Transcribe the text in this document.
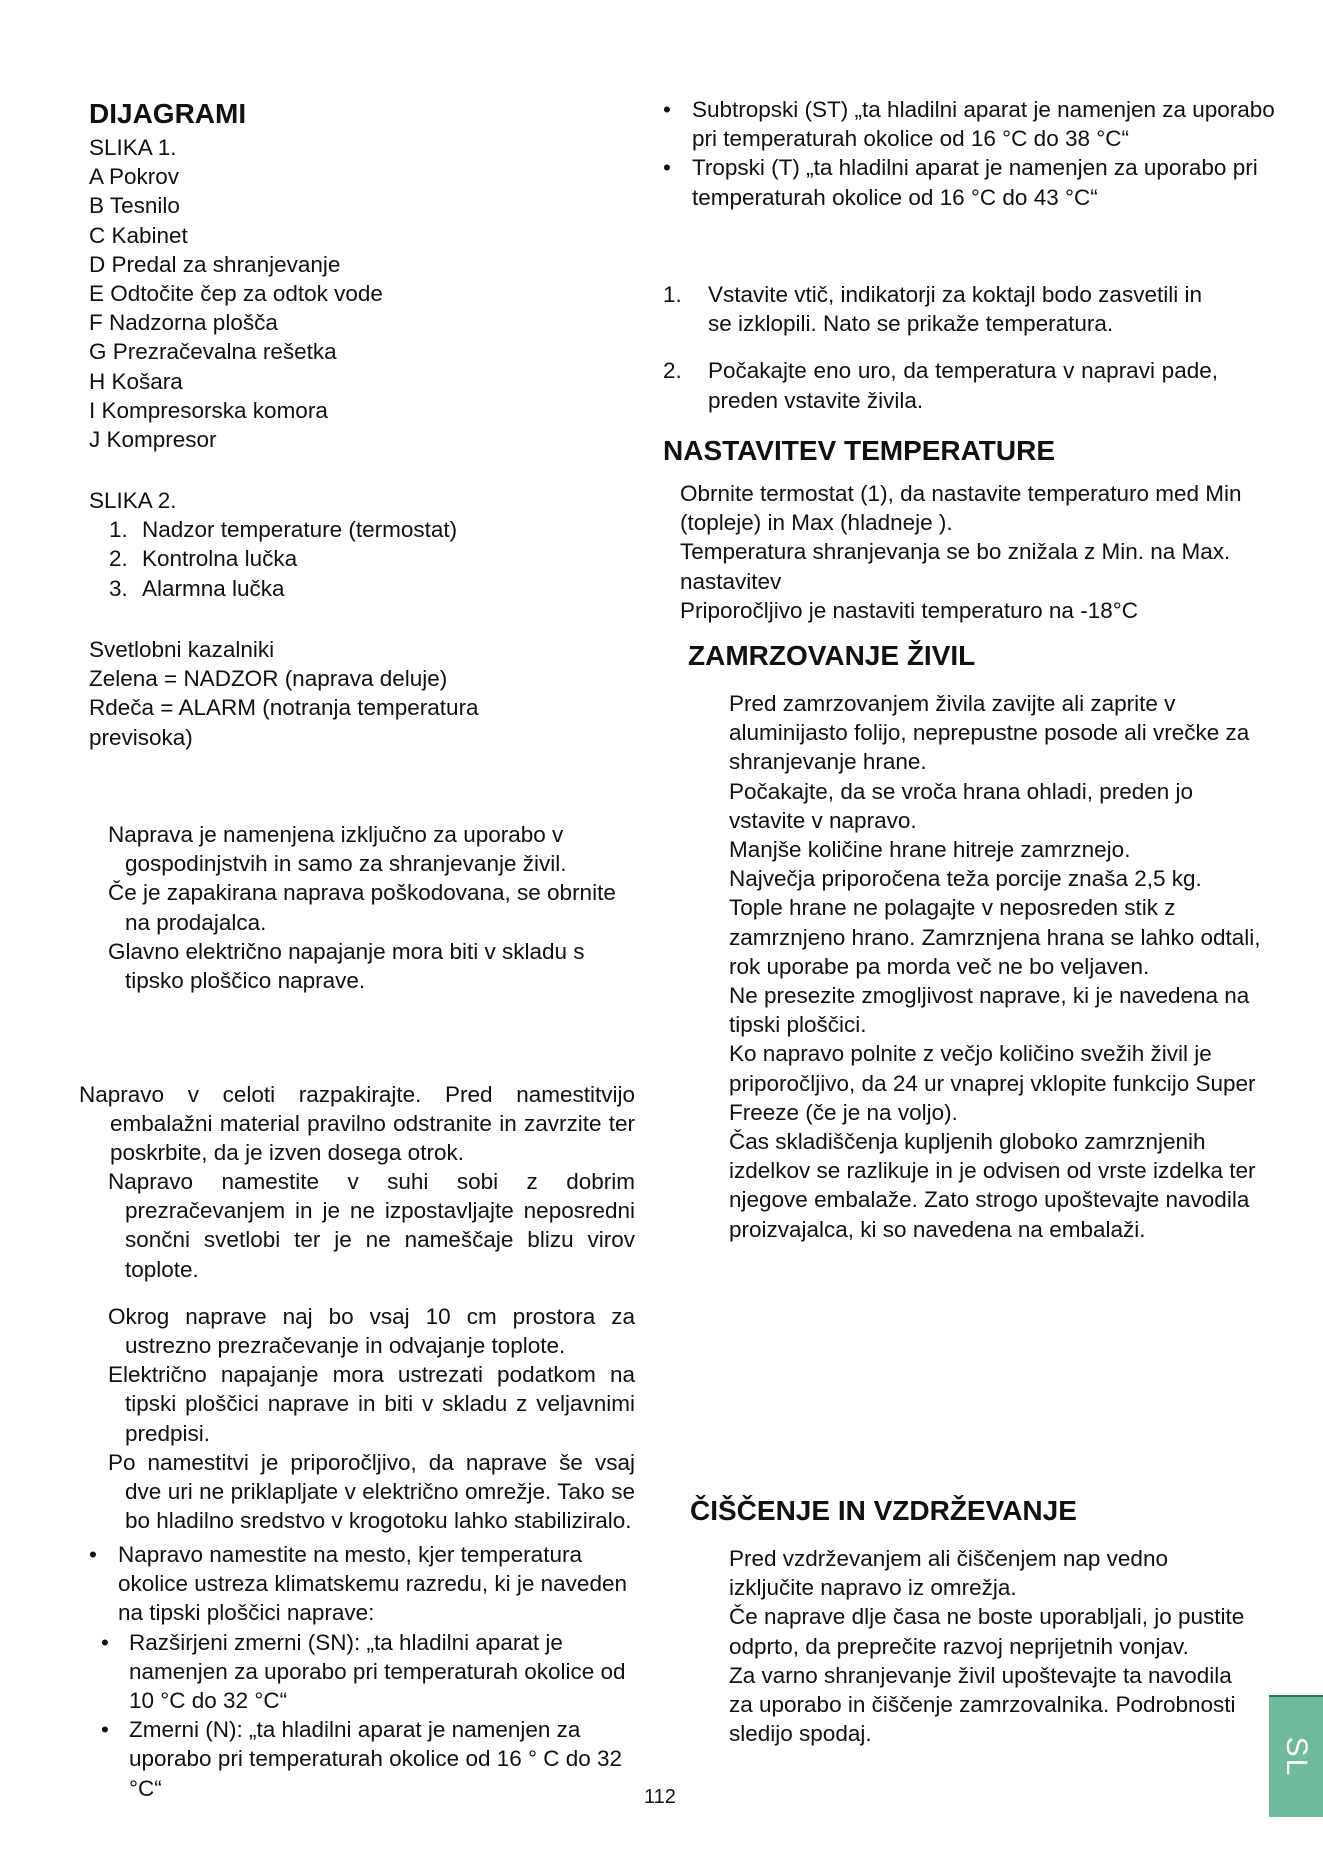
DIJAGRAMI

SLIKA 1.

A Pokrov

B Tesnilo

C Kabinet

D Predal za shranjevanje

E Odtočite čep za odtok vode

F Nadzorna plošča

G Prezračevalna rešetka

H Košara

I Kompresorska komora

J Kompresor

SLIKA 2.

1. Nadzor temperature (termostat)

2. Kontrolna lučka

3. Alarmna lučka

Svetlobni kazalniki

Zelena = NADZOR (naprava deluje)

Rdeča = ALARM (notranja temperatura previsoka)

Naprava je namenjena izključno za uporabo v gospodinjstvih in samo za shranjevanje živil.

Če je zapakirana naprava poškodovana, se obrnite na prodajalca.

Glavno električno napajanje mora biti v skladu s tipsko ploščico naprave.

Napravo v celoti razpakirajte. Pred namestitvijo embalažni material pravilno odstranite in zavrzite ter poskrbite, da je izven dosega otrok.

Napravo namestite v suhi sobi z dobrim prezračevanjem in je ne izpostavljajte neposredni sončni svetlobi ter je ne nameščaje blizu virov toplote.

Okrog naprave naj bo vsaj 10 cm prostora za ustrezno prezračevanje in odvajanje toplote.

Električno napajanje mora ustrezati podatkom na tipski ploščici naprave in biti v skladu z veljavnimi predpisi.

Po namestitvi je priporočljivo, da naprave še vsaj dve uri ne priklapljate v električno omrežje. Tako se bo hladilno sredstvo v krogotoku lahko stabiliziralo.

• Napravo namestite na mesto, kjer temperatura okolice ustreza klimatskemu razredu, ki je naveden na tipski ploščici naprave:

• Razširjeni zmerni (SN): „ta hladilni aparat je namenjen za uporabo pri temperaturah okolice od 10 °C do 32 °C“

• Zmerni (N): „ta hladilni aparat je namenjen za uporabo pri temperaturah okolice od 16 ° C do 32 °C“

• Subtropski (ST) „ta hladilni aparat je namenjen za uporabo pri temperaturah okolice od 16 °C do 38 °C“

• Tropski (T) „ta hladilni aparat je namenjen za uporabo pri temperaturah okolice od 16 °C do 43 °C“

1. Vstavite vtič, indikatorji za koktajl bodo zasvetili in se izklopili. Nato se prikaže temperatura.

2. Počakajte eno uro, da temperatura v napravi pade, preden vstavite živila.

NASTAVITEV TEMPERATURE

Obrnite termostat (1), da nastavite temperaturo med Min (topleje) in Max (hladneje ).

Temperatura shranjevanja se bo znižala z Min. na Max. nastavitev

Priporočljivo je nastaviti temperaturo na -18°C

ZAMRZOVANJE ŽIVIL

Pred zamrzovanjem živila zavijte ali zaprite v aluminijasto folijo, neprepustne posode ali vrečke za shranjevanje hrane.

Počakajte, da se vroča hrana ohladi, preden jo vstavite v napravo.

Manjše količine hrane hitreje zamrznejo.

Največja priporočena teža porcije znaša 2,5 kg.

Tople hrane ne polagajte v neposreden stik z zamrznjeno hrano. Zamrznjena hrana se lahko odtali, rok uporabe pa morda več ne bo veljaven.

Ne presezite zmogljivost naprave, ki je navedena na tipski ploščici.

Ko napravo polnite z večjo količino svežih živil je priporočljivo, da 24 ur vnaprej vklopite funkcijo Super Freeze (če je na voljo).

Čas skladiščenja kupljenih globoko zamrznjenih izdelkov se razlikuje in je odvisen od vrste izdelka ter njegove embalaže. Zato strogo upoštevajte navodila proizvajalca, ki so navedena na embalaži.

ČIŠČENJE IN VZDRŽEVANJE

Pred vzdrževanjem ali čiščenjem nap vedno izključite napravo iz omrežja.

Če naprave dlje časa ne boste uporabljali, jo pustite odprto, da preprečite razvoj neprijetnih vonjav.

Za varno shranjevanje živil upoštevajte ta navodila za uporabo in čiščenje zamrzovalnika. Podrobnosti sledijo spodaj.

112
SL
